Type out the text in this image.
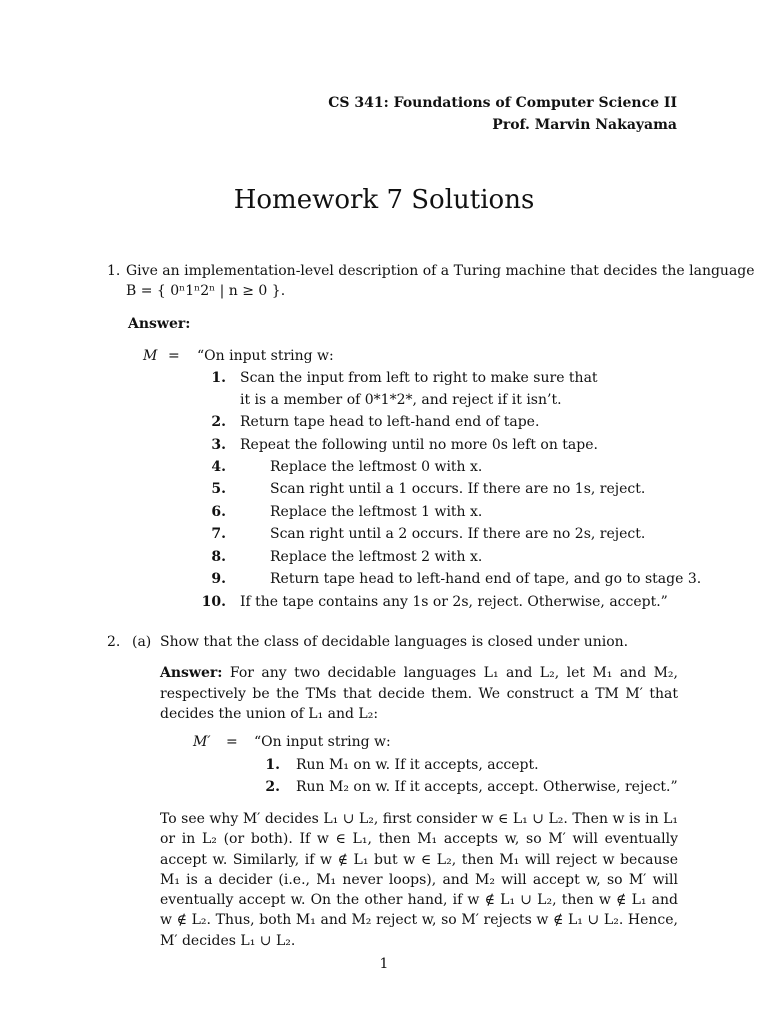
CS 341: Foundations of Computer Science II
Prof. Marvin Nakayama
Homework 7 Solutions
1. Give an implementation-level description of a Turing machine that decides the language
B = { 0ⁿ1ⁿ2ⁿ | n ≥ 0 }.
Answer:
M = “On input string w:
1. Scan the input from left to right to make sure that
it is a member of 0*1*2*, and reject if it isn’t.
2. Return tape head to left-hand end of tape.
3. Repeat the following until no more 0s left on tape.
4.	Replace the leftmost 0 with x.
5.	Scan right until a 1 occurs. If there are no 1s, reject.
6.	Replace the leftmost 1 with x.
7.	Scan right until a 2 occurs. If there are no 2s, reject.
8.	Replace the leftmost 2 with x.
9.	Return tape head to left-hand end of tape, and go to stage 3.
10. If the tape contains any 1s or 2s, reject. Otherwise, accept.”
2. (a) Show that the class of decidable languages is closed under union.
Answer: For any two decidable languages L₁ and L₂, let M₁ and M₂, respectively be the TMs that decide them. We construct a TM M′ that decides the union of L₁ and L₂:
M′ = “On input string w:
1. Run M₁ on w. If it accepts, accept.
2. Run M₂ on w. If it accepts, accept. Otherwise, reject.”
To see why M′ decides L₁ ∪ L₂, first consider w ∈ L₁ ∪ L₂. Then w is in L₁ or in L₂ (or both). If w ∈ L₁, then M₁ accepts w, so M′ will eventually accept w. Similarly, if w ∉ L₁ but w ∈ L₂, then M₁ will reject w because M₁ is a decider (i.e., M₁ never loops), and M₂ will accept w, so M′ will eventually accept w. On the other hand, if w ∉ L₁ ∪ L₂, then w ∉ L₁ and w ∉ L₂. Thus, both M₁ and M₂ reject w, so M′ rejects w ∉ L₁ ∪ L₂. Hence, M′ decides L₁ ∪ L₂.
1
